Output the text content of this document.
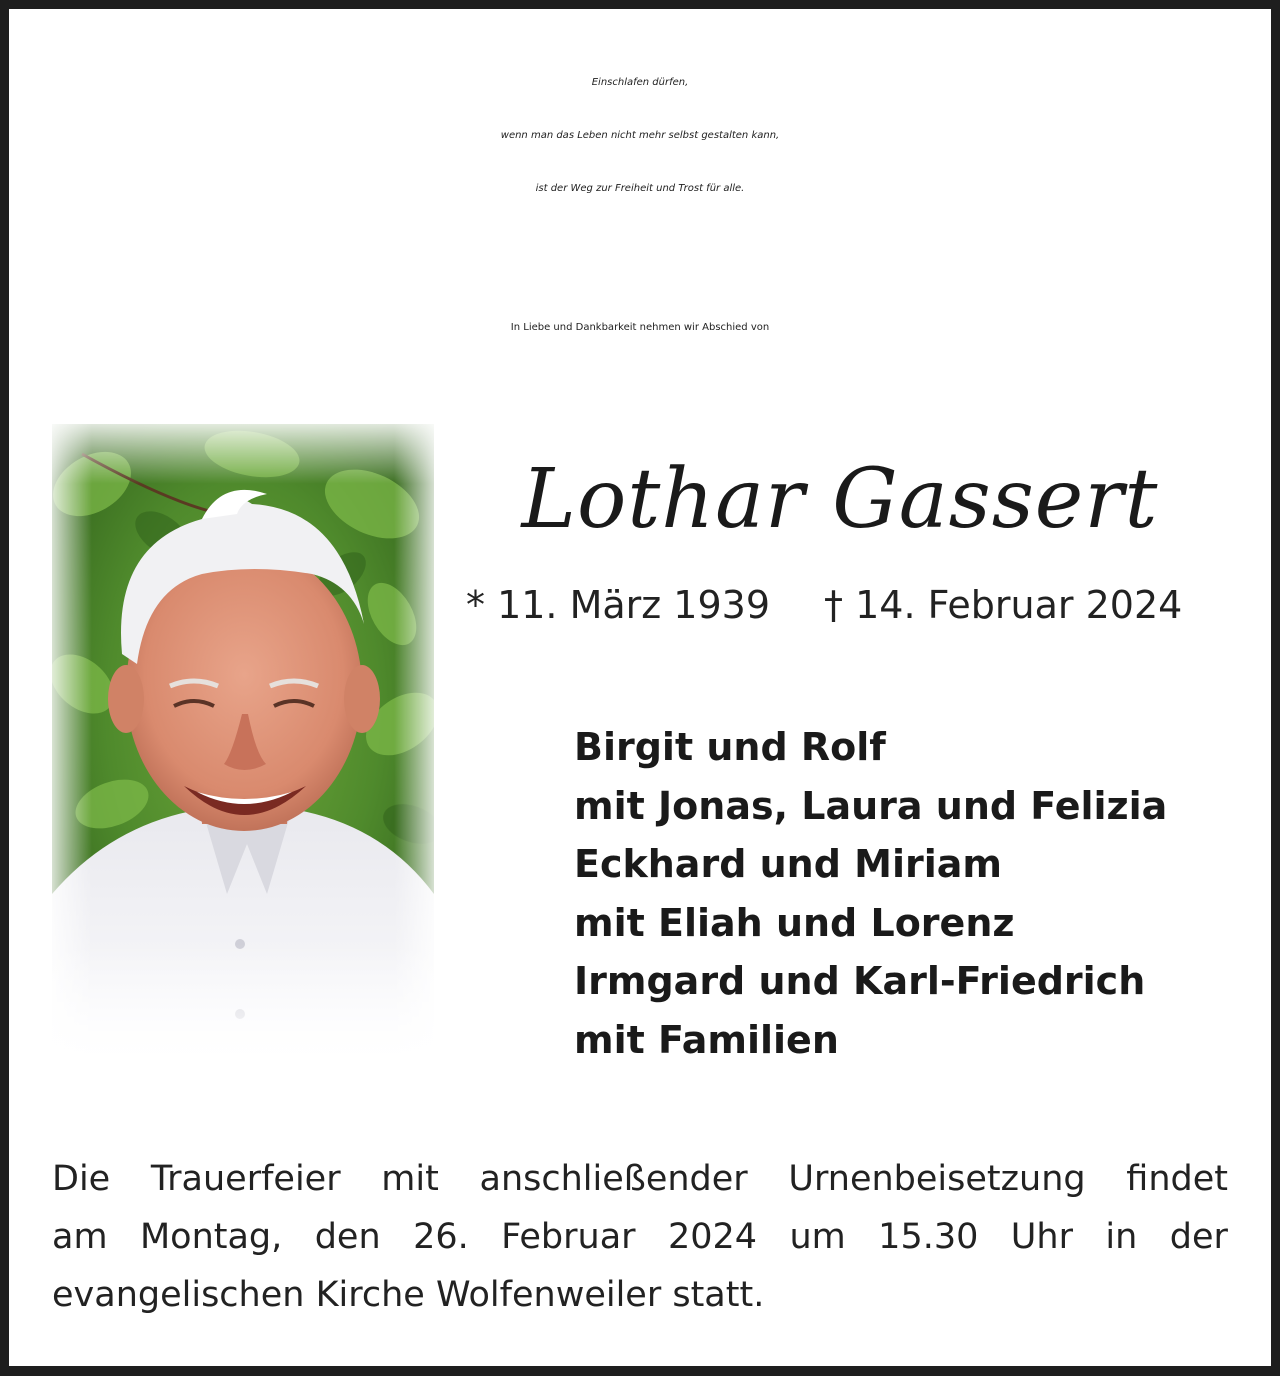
Einschlafen dürfen,
wenn man das Leben nicht mehr selbst gestalten kann,
ist der Weg zur Freiheit und Trost für alle.
In Liebe und Dankbarkeit nehmen wir Abschied von
Lothar Gassert
* 11. März 1939 † 14. Februar 2024
Birgit und Rolf
mit Jonas, Laura und Felizia
Eckhard und Miriam
mit Eliah und Lorenz
Irmgard und Karl-Friedrich
mit Familien
Die Trauerfeier mit anschließender Urnenbeisetzung findet
am Montag, den 26. Februar 2024 um 15.30 Uhr in der
evangelischen Kirche Wolfenweiler statt.
